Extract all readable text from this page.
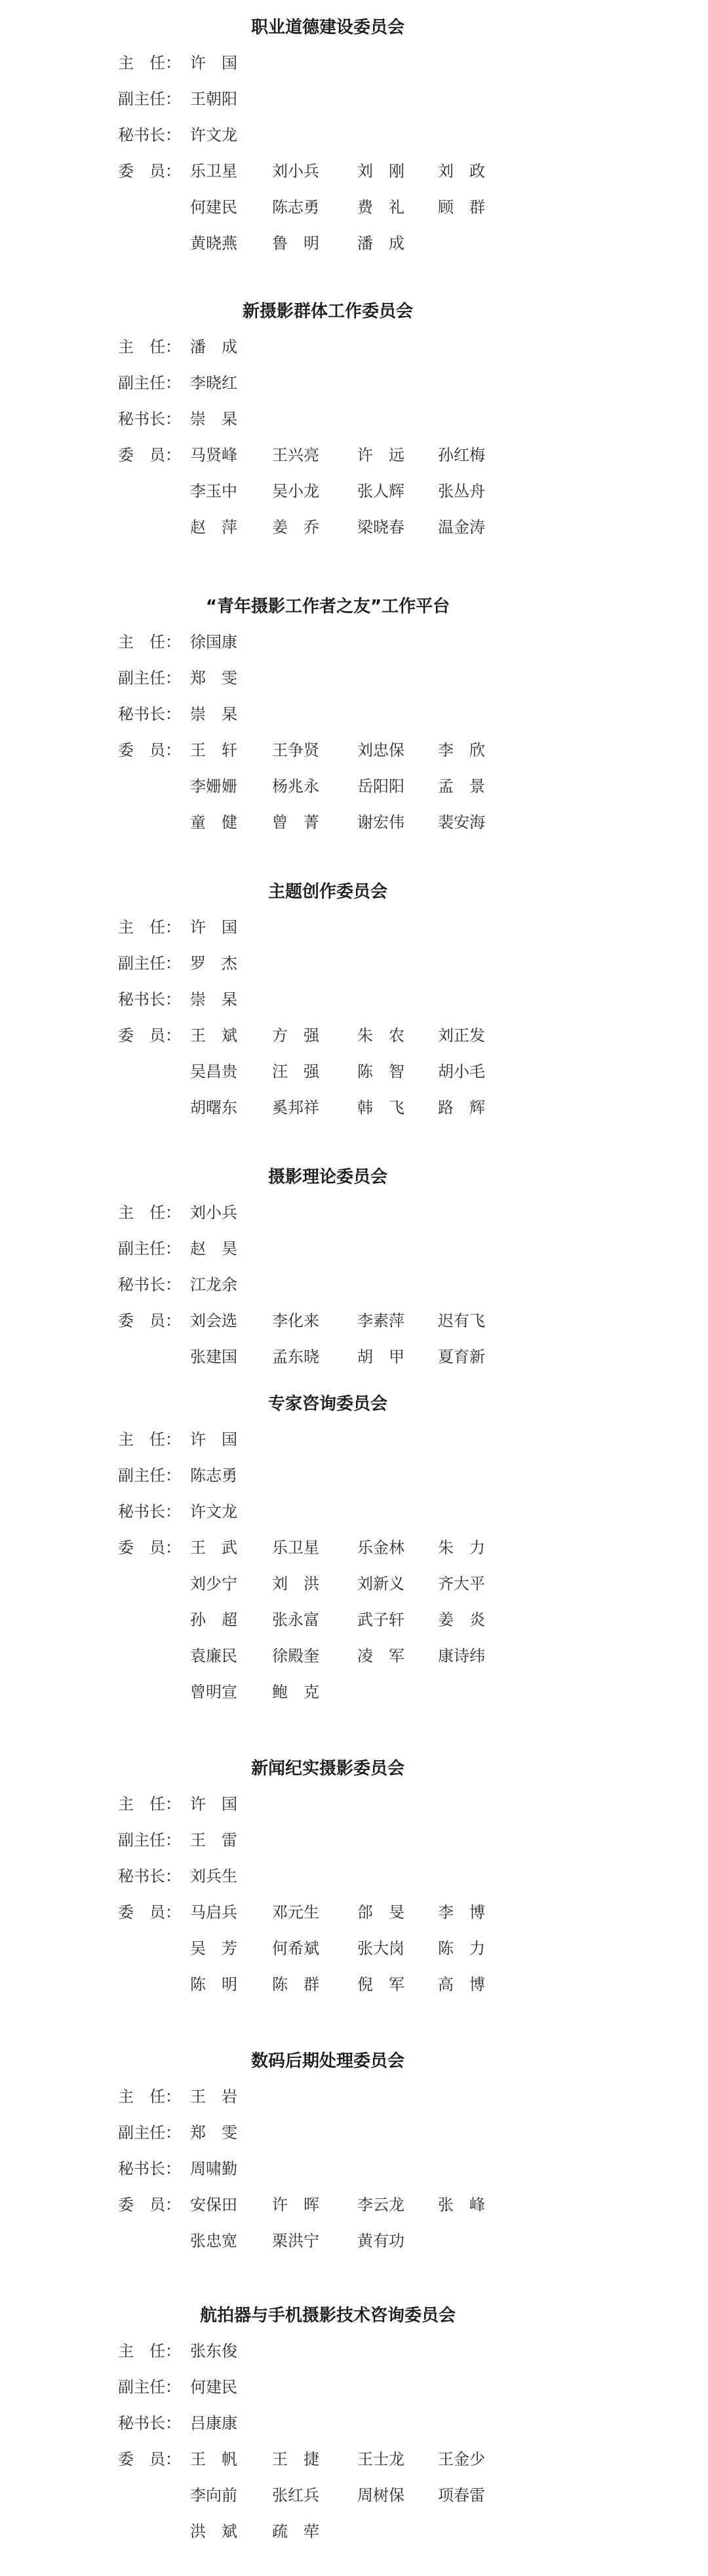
职业道德建设委员会
主　任： 许　国
副主任： 王朝阳
秘书长： 许文龙
委　员： 乐卫星 刘小兵 刘　刚 刘　政
何建民 陈志勇 费　礼 顾　群
黄晓燕 鲁　明 潘　成
新摄影群体工作委员会
主　任： 潘　成
副主任： 李晓红
秘书长： 崇　杲
委　员： 马贤峰 王兴亮 许　远 孙红梅
李玉中 吴小龙 张人辉 张丛舟
赵　萍 姜　乔 梁晓春 温金涛
“青年摄影工作者之友”工作平台
主　任： 徐国康
副主任： 郑　雯
秘书长： 崇　杲
委　员： 王　轩 王争贤 刘忠保 李　欣
李姗姗 杨兆永 岳阳阳 孟　景
童　健 曾　菁 谢宏伟 裴安海
主题创作委员会
主　任： 许　国
副主任： 罗　杰
秘书长： 崇　杲
委　员： 王　斌 方　强 朱　农 刘正发
吴昌贵 汪　强 陈　智 胡小毛
胡曙东 奚邦祥 韩　飞 路　辉
摄影理论委员会
主　任： 刘小兵
副主任： 赵　昊
秘书长： 江龙余
委　员： 刘会选 李化来 李素萍 迟有飞
张建国 孟东晓 胡　甲 夏育新
专家咨询委员会
主　任： 许　国
副主任： 陈志勇
秘书长： 许文龙
委　员： 王　武 乐卫星 乐金林 朱　力
刘少宁 刘　洪 刘新义 齐大平
孙　超 张永富 武子轩 姜　炎
袁廉民 徐殿奎 凌　军 康诗纬
曾明宣 鲍　克
新闻纪实摄影委员会
主　任： 许　国
副主任： 王　雷
秘书长： 刘兵生
委　员： 马启兵 邓元生 郃　旻 李　博
吴　芳 何希斌 张大岗 陈　力
陈　明 陈　群 倪　军 高　博
数码后期处理委员会
主　任： 王　岩
副主任： 郑　雯
秘书长： 周啸勤
委　员： 安保田 许　晖 李云龙 张　峰
张忠宽 栗洪宁 黄有功
航拍器与手机摄影技术咨询委员会
主　任： 张东俊
副主任： 何建民
秘书长： 吕康康
委　员： 王　帆 王　捷 王士龙 王金少
李向前 张红兵 周树保 项春雷
洪　斌 疏　荦
